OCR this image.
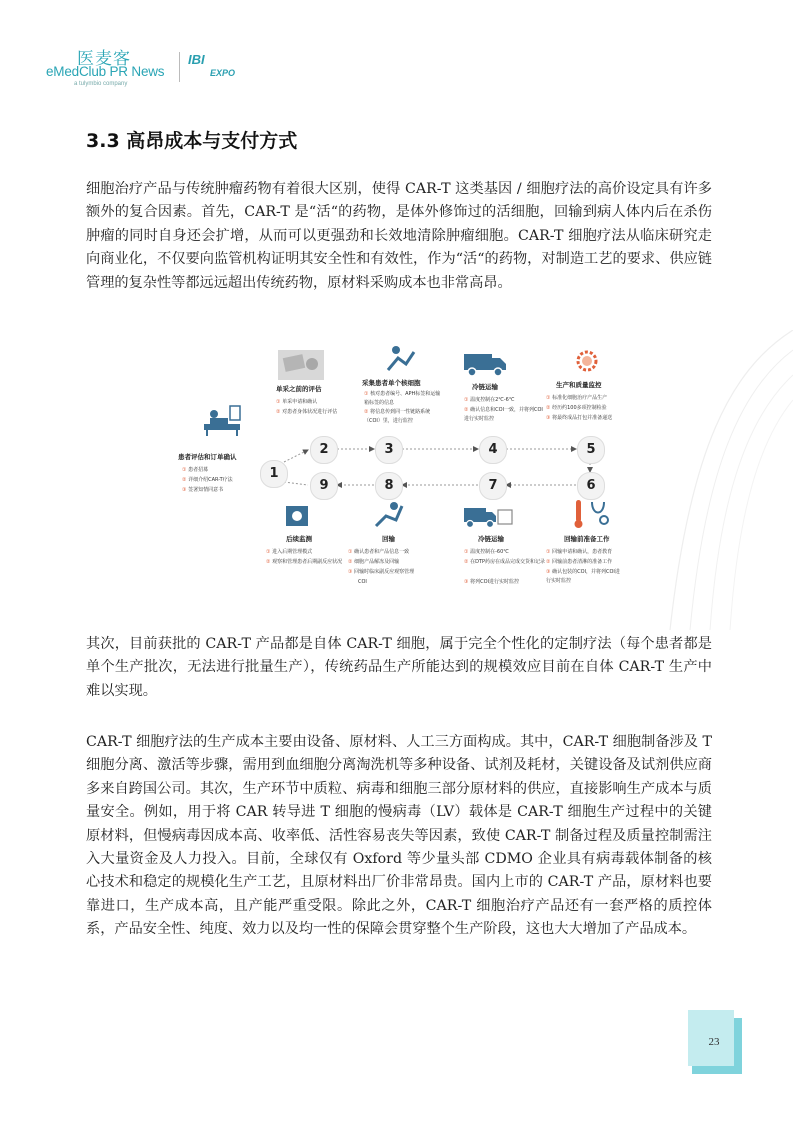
医麦客
eMedClub PR News
a tulymbio company
IBI
EXPO
3.3 高昂成本与支付方式
细胞治疗产品与传统肿瘤药物有着很大区别，使得 CAR-T 这类基因 / 细胞疗法的高价设定具有许多额外的复合因素。首先，CAR-T 是“活“的药物，是体外修饰过的活细胞，回输到病人体内后在杀伤肿瘤的同时自身还会扩增，从而可以更强劲和长效地清除肿瘤细胞。CAR-T 细胞疗法从临床研究走向商业化，不仅要向监管机构证明其安全性和有效性，作为“活“的药物，对制造工艺的要求、供应链管理的复杂性等都远远超出传统药物，原材料采购成本也非常高昂。
1
2	3	4	5
6
7
8
9
患者评估和订单确认
① 患者招募
② 详细介绍CAR-T疗法
③ 签署知情同意书
单采之前的评估
① 单采申请和确认
② 对患者身体状况进行评估
采集患者单个核细胞
① 核对患者编号、APH标签和运输箱标签的信息
② 将信息传到同一性链路系统（COI）里，进行监控
冷链运输
① 温度控制在2℃-6℃
② 确认信息和COI一致，并将列COI进行实时监控
生产和质量监控
① 标准化细胞治疗产品生产
② 经历约100多项控制检验
③ 将最终成品打包并准备递送
回输前准备工作
① 回输申请和确认，患者教育
② 回输前患者清淋的准备工作
③ 确认包装的COI，并将列COI进行实时监控
冷链运输
① 温度控制在-60℃
② 在DTP药房在成品完成交货和记录
③ 将列COI进行实时监控
回输
① 确认患者和产品信息一致
② 细胞产品解冻及回输
③ 回输时临床副反应观察管理
COI
后续监测
① 进入后期管理模式
② 观察和管理患者后期副反应状况
其次，目前获批的 CAR-T 产品都是自体 CAR-T 细胞，属于完全个性化的定制疗法（每个患者都是单个生产批次，无法进行批量生产），传统药品生产所能达到的规模效应目前在自体 CAR-T 生产中难以实现。
CAR-T 细胞疗法的生产成本主要由设备、原材料、人工三方面构成。其中，CAR-T 细胞制备涉及 T 细胞分离、激活等步骤，需用到血细胞分离淘洗机等多种设备、试剂及耗材，关键设备及试剂供应商多来自跨国公司。其次，生产环节中质粒、病毒和细胞三部分原材料的供应，直接影响生产成本与质量安全。例如，用于将 CAR 转导进 T 细胞的慢病毒（LV）载体是 CAR-T 细胞生产过程中的关键原材料，但慢病毒因成本高、收率低、活性容易丧失等因素，致使 CAR-T 制备过程及质量控制需注入大量资金及人力投入。目前，全球仅有 Oxford 等少量头部 CDMO 企业具有病毒载体制备的核心技术和稳定的规模化生产工艺，且原材料出厂价非常昂贵。国内上市的 CAR-T 产品，原材料也要靠进口，生产成本高，且产能严重受限。除此之外，CAR-T 细胞治疗产品还有一套严格的质控体系，产品安全性、纯度、效力以及均一性的保障会贯穿整个生产阶段，这也大大增加了产品成本。
23
